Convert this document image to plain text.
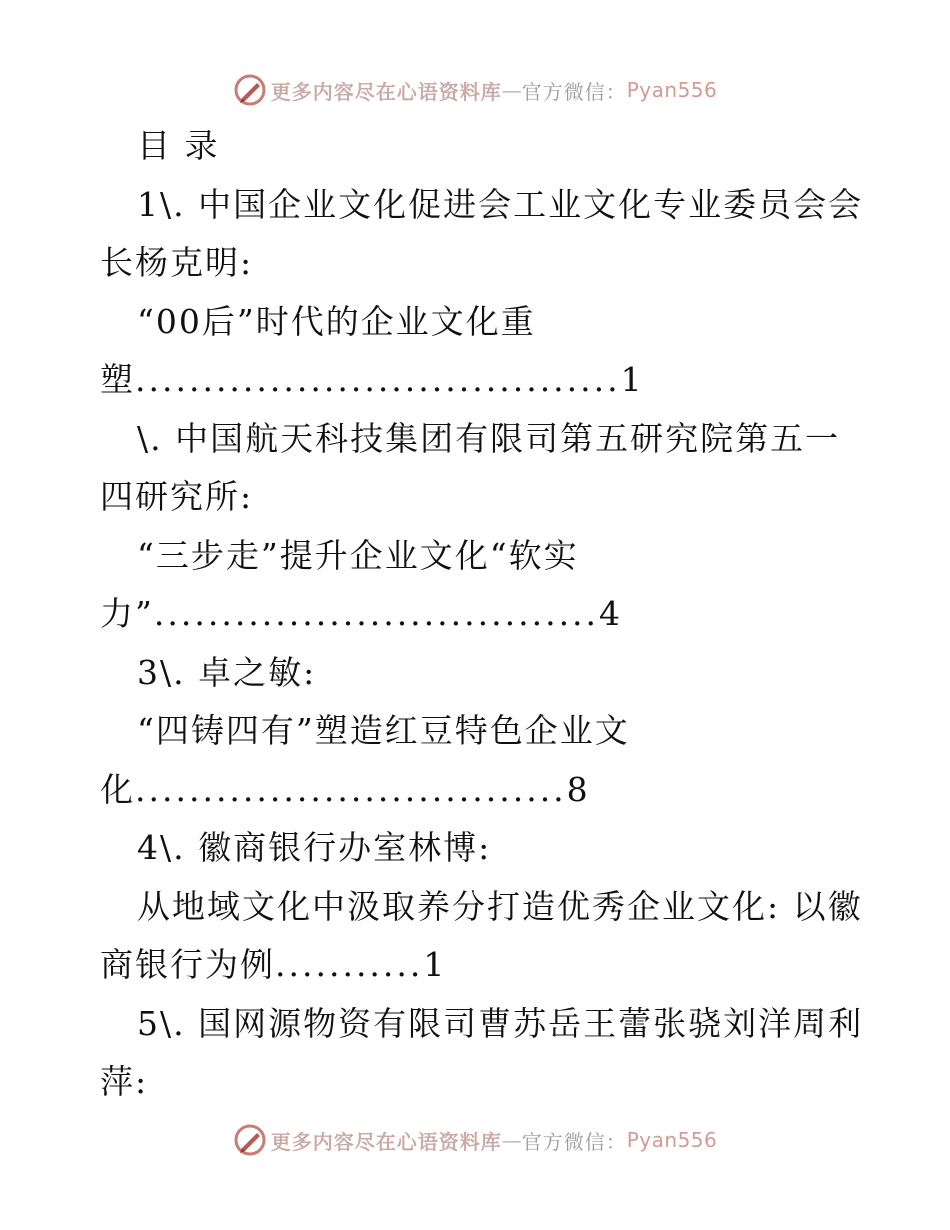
更多内容尽在心语资料库 — 官方微信： Pyan556
目 录
1\. 中国企业文化促进会工业文化专业委员会会
长杨克明:
“00后”时代的企业文化重
塑....................................1
\. 中国航天科技集团有限司第五研究院第五一
四研究所:
“三步走”提升企业文化“软实
力”.................................4
3\. 卓之敏:
“四铸四有”塑造红豆特色企业文
化................................8
4\. 徽商银行办室林博:
从地域文化中汲取养分打造优秀企业文化: 以徽
商银行为例...........1
5\. 国网源物资有限司曹苏岳王蕾张骁刘洋周利
萍:
更多内容尽在心语资料库 — 官方微信： Pyan556
